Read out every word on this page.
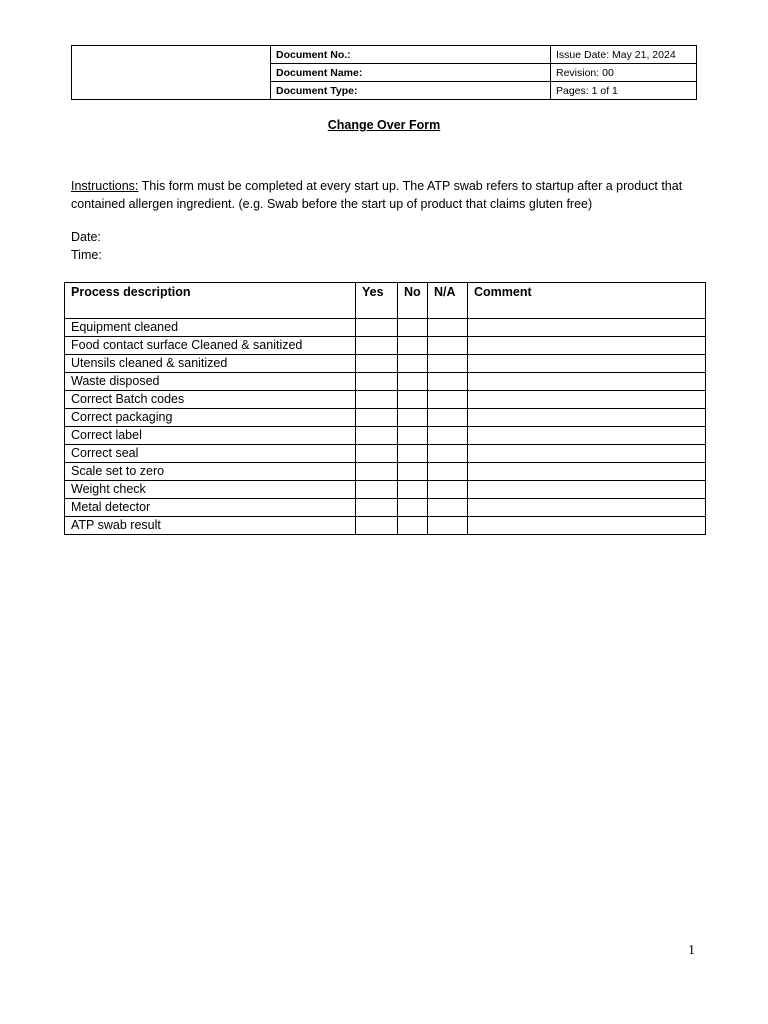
	Document No.:	Issue Date: May 21, 2024
	Document Name:	Revision: 00
	Document Type:	Pages: 1 of 1
Change Over Form
Instructions: This form must be completed at every start up. The ATP swab refers to startup after a product that contained allergen ingredient. (e.g. Swab before the start up of product that claims gluten free)
Date:
Time:
Process description	Yes	No	N/A	Comment
Equipment cleaned				
Food contact surface Cleaned & sanitized				
Utensils cleaned & sanitized				
Waste disposed				
Correct Batch codes				
Correct packaging				
Correct label				
Correct seal				
Scale set to zero				
Weight check				
Metal detector				
ATP swab result				
1
